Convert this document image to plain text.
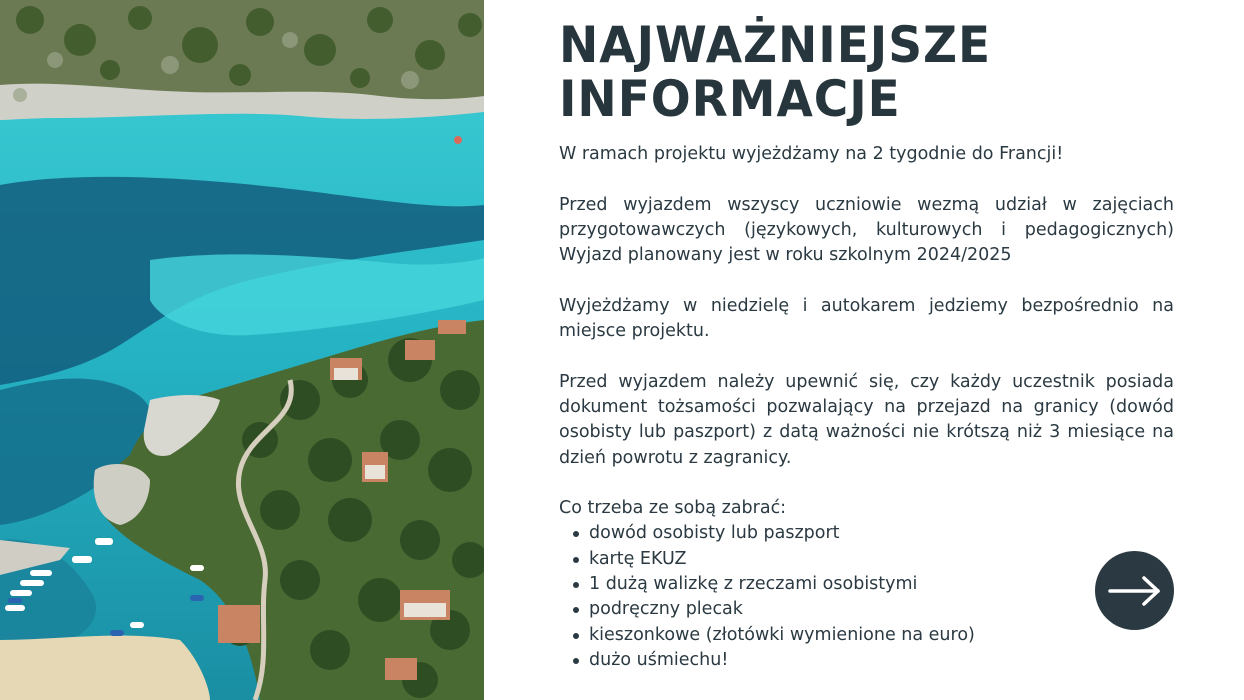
NAJWAŻNIEJSZE
INFORMACJE

W ramach projektu wyjeżdżamy na 2 tygodnie do Francji!

Przed wyjazdem wszyscy uczniowie wezmą udział w zajęciach przygotowawczych (językowych, kulturowych i pedagogicznych) Wyjazd planowany jest w roku szkolnym 2024/2025

Wyjeżdżamy w niedzielę i autokarem jedziemy bezpośrednio na miejsce projektu.

Przed wyjazdem należy upewnić się, czy każdy uczestnik posiada dokument tożsamości pozwalający na przejazd na granicy (dowód osobisty lub paszport) z datą ważności nie krótszą niż 3 miesiące na dzień powrotu z zagranicy.

Co trzeba ze sobą zabrać:

dowód osobisty lub paszport
kartę EKUZ
1 dużą walizkę z rzeczami osobistymi
podręczny plecak
kieszonkowe (złotówki wymienione na euro)
dużo uśmiechu!
